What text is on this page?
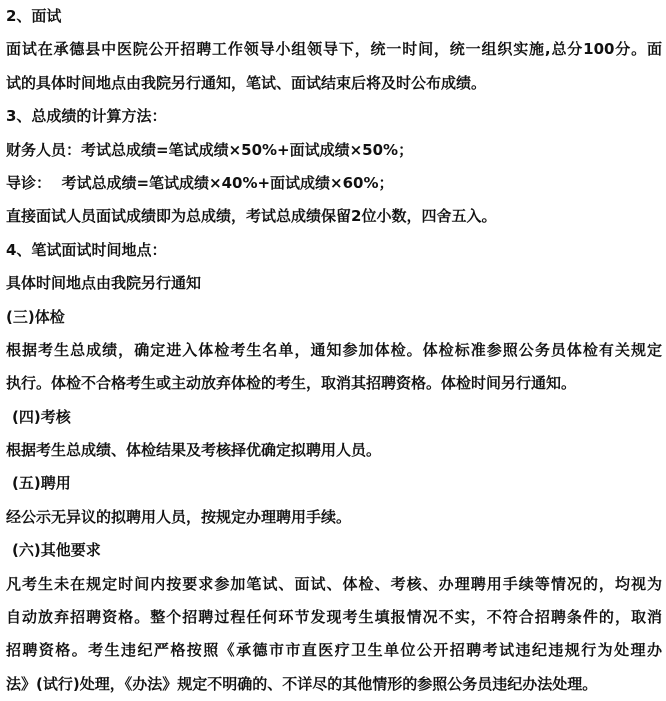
2、面试
面试在承德县中医院公开招聘工作领导小组领导下，统一时间，统一组织实施,总分100分。面
试的具体时间地点由我院另行通知，笔试、面试结束后将及时公布成绩。
3、总成绩的计算方法：
财务人员：考试总成绩=笔试成绩×50%+面试成绩×50%；
导诊：  考试总成绩=笔试成绩×40%+面试成绩×60%；
直接面试人员面试成绩即为总成绩，考试总成绩保留2位小数，四舍五入。
4、笔试面试时间地点：
具体时间地点由我院另行通知
(三)体检
根据考生总成绩，确定进入体检考生名单，通知参加体检。体检标准参照公务员体检有关规定
执行。体检不合格考生或主动放弃体检的考生，取消其招聘资格。体检时间另行通知。
(四)考核
根据考生总成绩、体检结果及考核择优确定拟聘用人员。
(五)聘用
经公示无异议的拟聘用人员，按规定办理聘用手续。
(六)其他要求
凡考生未在规定时间内按要求参加笔试、面试、体检、考核、办理聘用手续等情况的，均视为
自动放弃招聘资格。整个招聘过程任何环节发现考生填报情况不实，不符合招聘条件的，取消
招聘资格。考生违纪严格按照《承德市市直医疗卫生单位公开招聘考试违纪违规行为处理办
法》(试行)处理，《办法》规定不明确的、不详尽的其他情形的参照公务员违纪办法处理。
